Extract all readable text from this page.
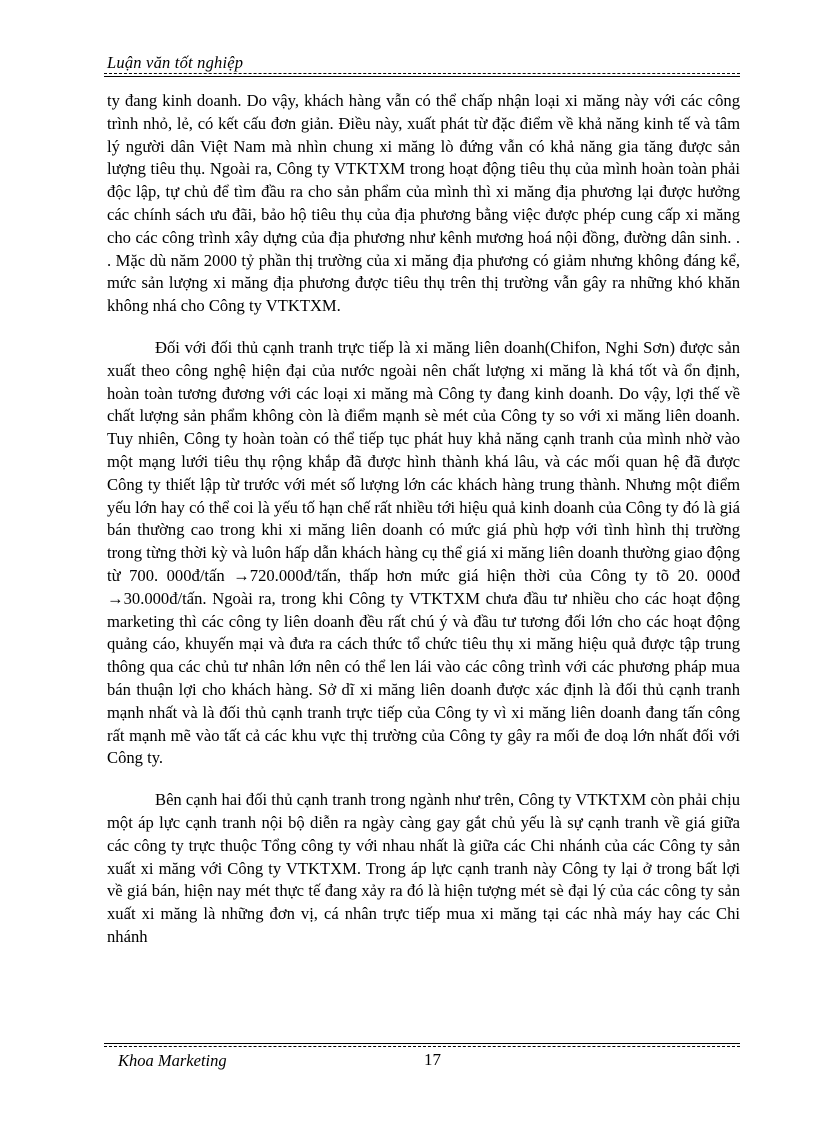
Luận văn tốt nghiệp

ty đang kinh doanh. Do vậy, khách hàng vẫn có thể chấp nhận loại xi măng này với các công trình nhỏ, lẻ, có kết cấu đơn giản. Điều này, xuất phát từ đặc điểm về khả năng kinh tế và tâm lý người dân Việt Nam mà nhìn chung xi măng lò đứng vẫn có khả năng gia tăng được sản lượng tiêu thụ. Ngoài ra, Công ty VTKTXM trong hoạt động tiêu thụ của mình hoàn toàn phải độc lập, tự chủ để tìm đầu ra cho sản phẩm của mình thì xi măng địa phương lại được hưởng các chính sách ưu đãi, bảo hộ tiêu thụ của địa phương bằng việc được phép cung cấp xi măng cho các công trình xây dựng của địa phương như kênh mương hoá nội đồng, đường dân sinh. . . Mặc dù năm 2000 tỷ phần thị trường của xi măng địa phương có giảm nhưng không đáng kể, mức sản lượng xi măng địa phương được tiêu thụ trên thị trường vẫn gây ra những khó khăn không nhá cho Công ty VTKTXM.

Đối với đối thủ cạnh tranh trực tiếp là xi măng liên doanh(Chifon, Nghi Sơn) được sản xuất theo công nghệ hiện đại của nước ngoài nên chất lượng xi măng là khá tốt và ổn định, hoàn toàn tương đương với các loại xi măng mà Công ty đang kinh doanh. Do vậy, lợi thế về chất lượng sản phẩm không còn là điểm mạnh sè mét của Công ty so với xi măng liên doanh. Tuy nhiên, Công ty hoàn toàn có thể tiếp tục phát huy khả năng cạnh tranh của mình nhờ vào một mạng lưới tiêu thụ rộng khắp đã được hình thành khá lâu, và các mối quan hệ đã được Công ty thiết lập từ trước với mét số lượng lớn các khách hàng trung thành. Nhưng một điểm yếu lớn hay có thể coi là yếu tố hạn chế rất nhiều tới hiệu quả kinh doanh của Công ty đó là giá bán thường cao trong khi xi măng liên doanh có mức giá phù hợp với tình hình thị trường trong từng thời kỳ và luôn hấp dẫn khách hàng cụ thể giá xi măng liên doanh thường giao động từ 700. 000đ/tấn →720.000đ/tấn, thấp hơn mức giá hiện thời của Công ty tõ 20. 000đ →30.000đ/tấn. Ngoài ra, trong khi Công ty VTKTXM chưa đầu tư nhiều cho các hoạt động marketing thì các công ty liên doanh đều rất chú ý và đầu tư tương đối lớn cho các hoạt động quảng cáo, khuyến mại và đưa ra cách thức tổ chức tiêu thụ xi măng hiệu quả được tập trung thông qua các chủ tư nhân lớn nên có thể len lái vào các công trình với các phương pháp mua bán thuận lợi cho khách hàng. Sở dĩ xi măng liên doanh được xác định là đối thủ cạnh tranh mạnh nhất và là đối thủ cạnh tranh trực tiếp của Công ty vì xi măng liên doanh đang tấn công rất mạnh mẽ vào tất cả các khu vực thị trường của Công ty gây ra mối đe doạ lớn nhất đối với Công ty.

Bên cạnh hai đối thủ cạnh tranh trong ngành như trên, Công ty VTKTXM còn phải chịu một áp lực cạnh tranh nội bộ diễn ra ngày càng gay gắt chủ yếu là sự cạnh tranh về giá giữa các công ty trực thuộc Tổng công ty với nhau nhất là giữa các Chi nhánh của các Công ty sản xuất xi măng với Công ty VTKTXM. Trong áp lực cạnh tranh này Công ty lại ở trong bất lợi về giá bán, hiện nay mét thực tế đang xảy ra đó là hiện tượng mét sè đại lý của các công ty sản xuất xi măng là những đơn vị, cá nhân trực tiếp mua xi măng tại các nhà máy hay các Chi nhánh

Khoa Marketing	17
